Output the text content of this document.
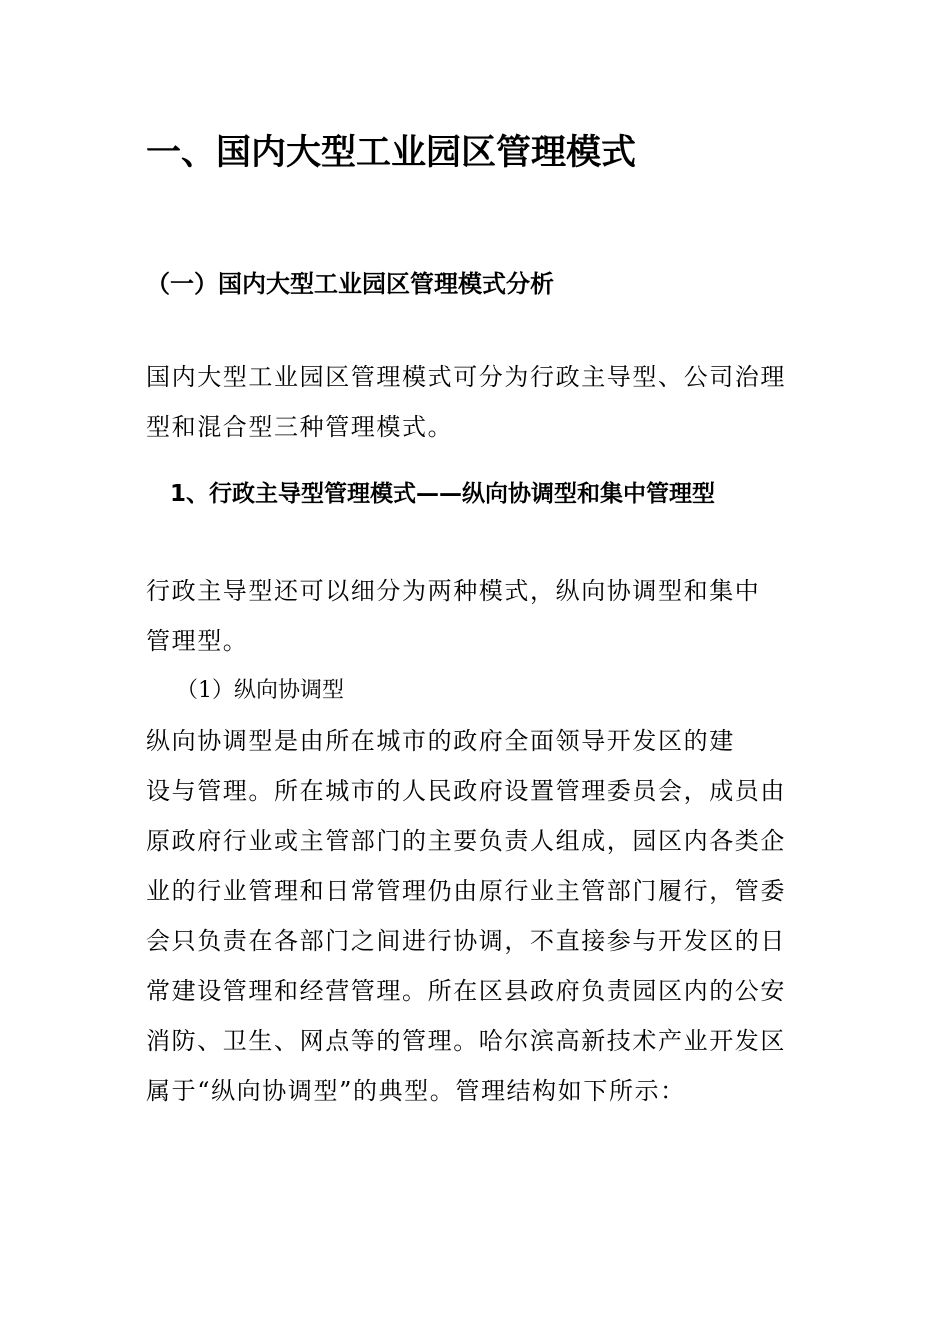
一、国内大型工业园区管理模式
（一）国内大型工业园区管理模式分析
国内大型工业园区管理模式可分为行政主导型、公司治理
型和混合型三种管理模式。
1、行政主导型管理模式——纵向协调型和集中管理型
行政主导型还可以细分为两种模式，纵向协调型和集中
管理型。
（1）纵向协调型
纵向协调型是由所在城市的政府全面领导开发区的建
设与管理。所在城市的人民政府设置管理委员会，成员由
原政府行业或主管部门的主要负责人组成，园区内各类企
业的行业管理和日常管理仍由原行业主管部门履行，管委
会只负责在各部门之间进行协调，不直接参与开发区的日
常建设管理和经营管理。所在区县政府负责园区内的公安
消防、卫生、网点等的管理。哈尔滨高新技术产业开发区
属于“纵向协调型”的典型。管理结构如下所示：
